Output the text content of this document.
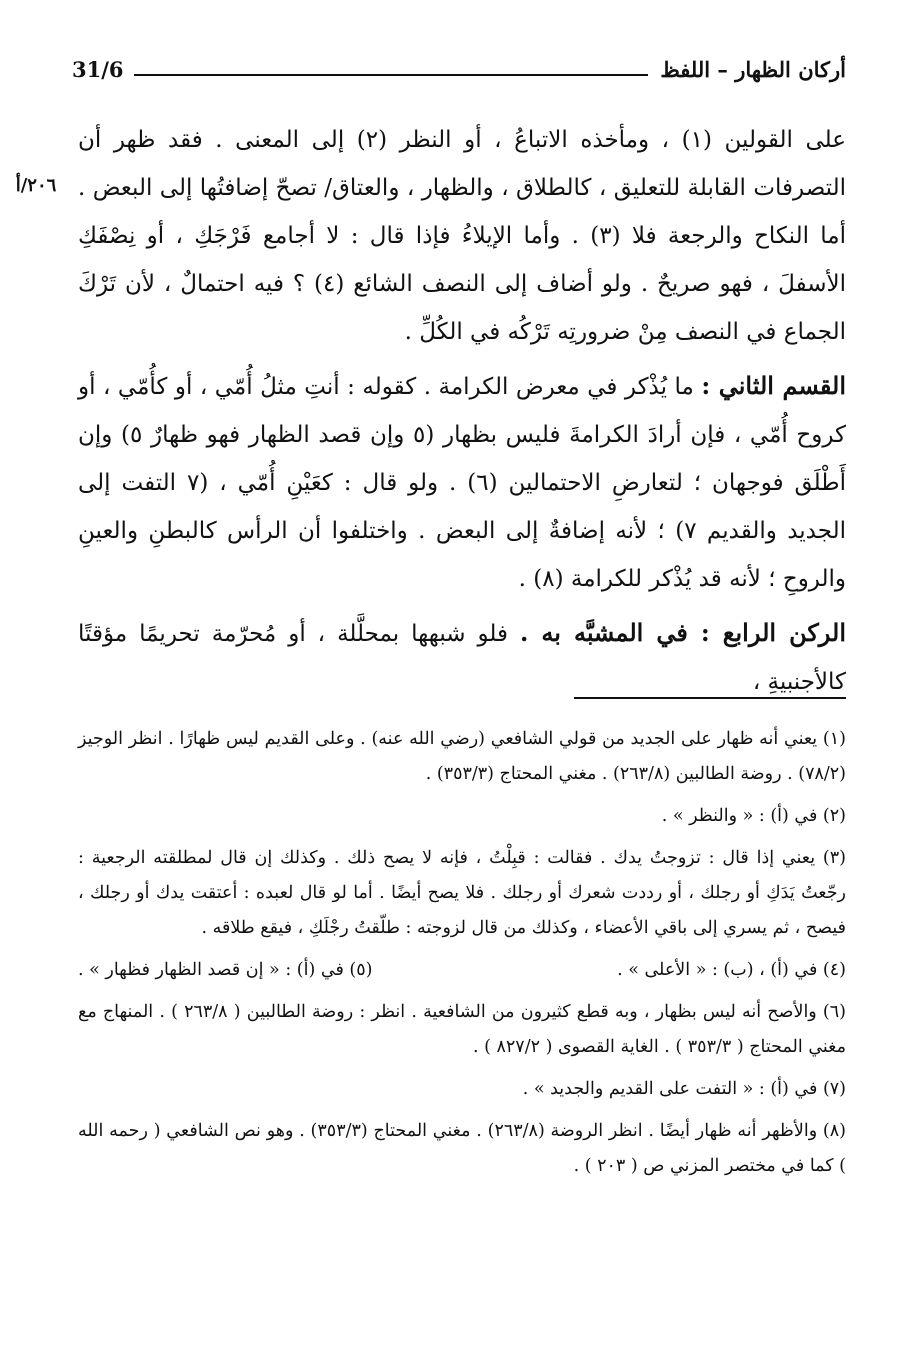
أركان الظهار – اللفظ
31/6
٢٠٦/أ

على القولين (١) ، ومأخذه الاتباعُ ، أو النظر (٢) إلى المعنى . فقد ظهر أن التصرفات القابلة للتعليق ، كالطلاق ، والظهار ، والعتاق/ تصحّ إضافتُها إلى البعض . أما النكاح والرجعة فلا (٣) . وأما الإيلاءُ فإذا قال : لا أجامع فَرْجَكِ ، أو نِصْفَكِ الأسفلَ ، فهو صريحٌ . ولو أضاف إلى النصف الشائع (٤) ؟ فيه احتمالٌ ، لأن تَرْكَ الجماع في النصف مِنْ ضرورتِه تَرْكُه في الكُلِّ .

القسم الثاني : ما يُذْكر في معرض الكرامة . كقوله : أنتِ مثلُ أُمّي ، أو كأُمّي ، أو كروح أُمّي ، فإن أرادَ الكرامةَ فليس بظهار (٥ وإن قصد الظهار فهو ظهارٌ ٥) وإن أَطْلَق فوجهان ؛ لتعارضِ الاحتمالين (٦) . ولو قال : كعَيْنِ أُمّي ، (٧ التفت إلى الجديد والقديم ٧) ؛ لأنه إضافةٌ إلى البعض . واختلفوا أن الرأس كالبطنِ والعينِ والروحِ ؛ لأنه قد يُذْكر للكرامة (٨) .

الركن الرابع : في المشبَّه به . فلو شبهها بمحلَّلة ، أو مُحرّمة تحريمًا مؤقتًا كالأجنبيةِ ،

(١) يعني أنه ظهار على الجديد من قولي الشافعي (رضي الله عنه) . وعلى القديم ليس ظهارًا . انظر الوجيز (٧٨/٢) . روضة الطالبين (٢٦٣/٨) . مغني المحتاج (٣٥٣/٣) .

(٢) في (أ) : « والنظر » .

(٣) يعني إذا قال : تزوجتُ يدك . فقالت : قبِلْتُ ، فإنه لا يصح ذلك . وكذلك إن قال لمطلقته الرجعية : رجّعتُ يَدَكِ أو رجلك ، أو رددت شعرك أو رجلك . فلا يصح أيضًا . أما لو قال لعبده : أعتقت يدك أو رجلك ، فيصح ، ثم يسري إلى باقي الأعضاء ، وكذلك من قال لزوجته : طلّقتُ رجْلَكِ ، فيقع طلاقه .

(٤) في (أ) ، (ب) : « الأعلى » .
(٥) في (أ) : « إن قصد الظهار فظهار » .

(٦) والأصح أنه ليس بظهار ، وبه قطع كثيرون من الشافعية . انظر : روضة الطالبين ( ٢٦٣/٨ ) . المنهاج مع مغني المحتاج ( ٣٥٣/٣ ) . الغاية القصوى ( ٨٢٧/٢ ) .

(٧) في (أ) : « التفت على القديم والجديد » .

(٨) والأظهر أنه ظهار أيضًا . انظر الروضة (٢٦٣/٨) . مغني المحتاج (٣٥٣/٣) . وهو نص الشافعي ( رحمه الله ) كما في مختصر المزني ص ( ٢٠٣ ) .
